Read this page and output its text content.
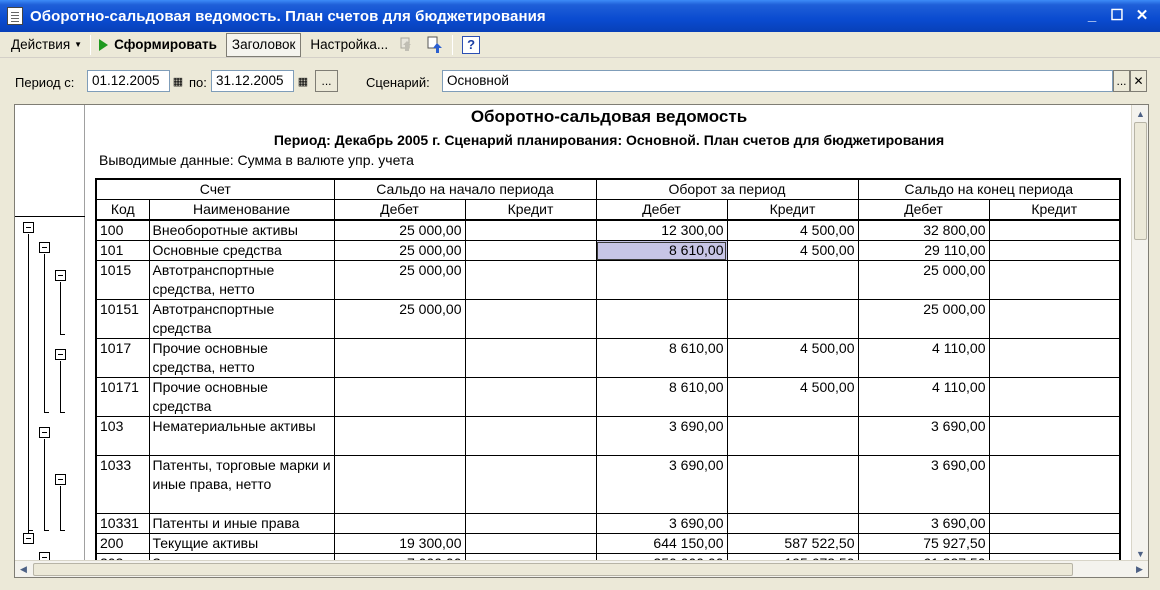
Оборотно-сальдовая ведомость. План счетов для бюджетирования	_ ☐ ✕
Действия ▼ Сформировать Заголовок Настройка...	?
Период с:	01.12.2005	▦ по: 31.12.2005	▦	...	Сценарий:	Основной	... ✕
Оборотно-сальдовая ведомость
Период: Декабрь 2005 г. Сценарий планирования: Основной. План счетов для бюджетирования
Выводимые данные: Сумма в валюте упр. учета
Счет		Сальдо на начало периода		Оборот за период		Сальдо на конец периода	
Код	Наименование	Дебет	Кредит	Дебет	Кредит	Дебет	Кредит
100	Внеоборотные активы	25 000,00		12 300,00	4 500,00	32 800,00	
101	Основные средства	25 000,00		8 610,00	4 500,00	29 110,00	
1015	Автотранспортные средства, нетто	25 000,00				25 000,00	
10151	Автотранспортные средства	25 000,00				25 000,00	
1017	Прочие основные средства, нетто			8 610,00	4 500,00	4 110,00	
10171	Прочие основные средства			8 610,00	4 500,00	4 110,00	
103	Нематериальные активы			3 690,00		3 690,00	
1033	Патенты, торговые марки и иные права, нетто			3 690,00		3 690,00	
10331	Патенты и иные права			3 690,00		3 690,00	
200	Текущие активы	19 300,00		644 150,00	587 522,50	75 927,50	

▲
▼
◀	▶
